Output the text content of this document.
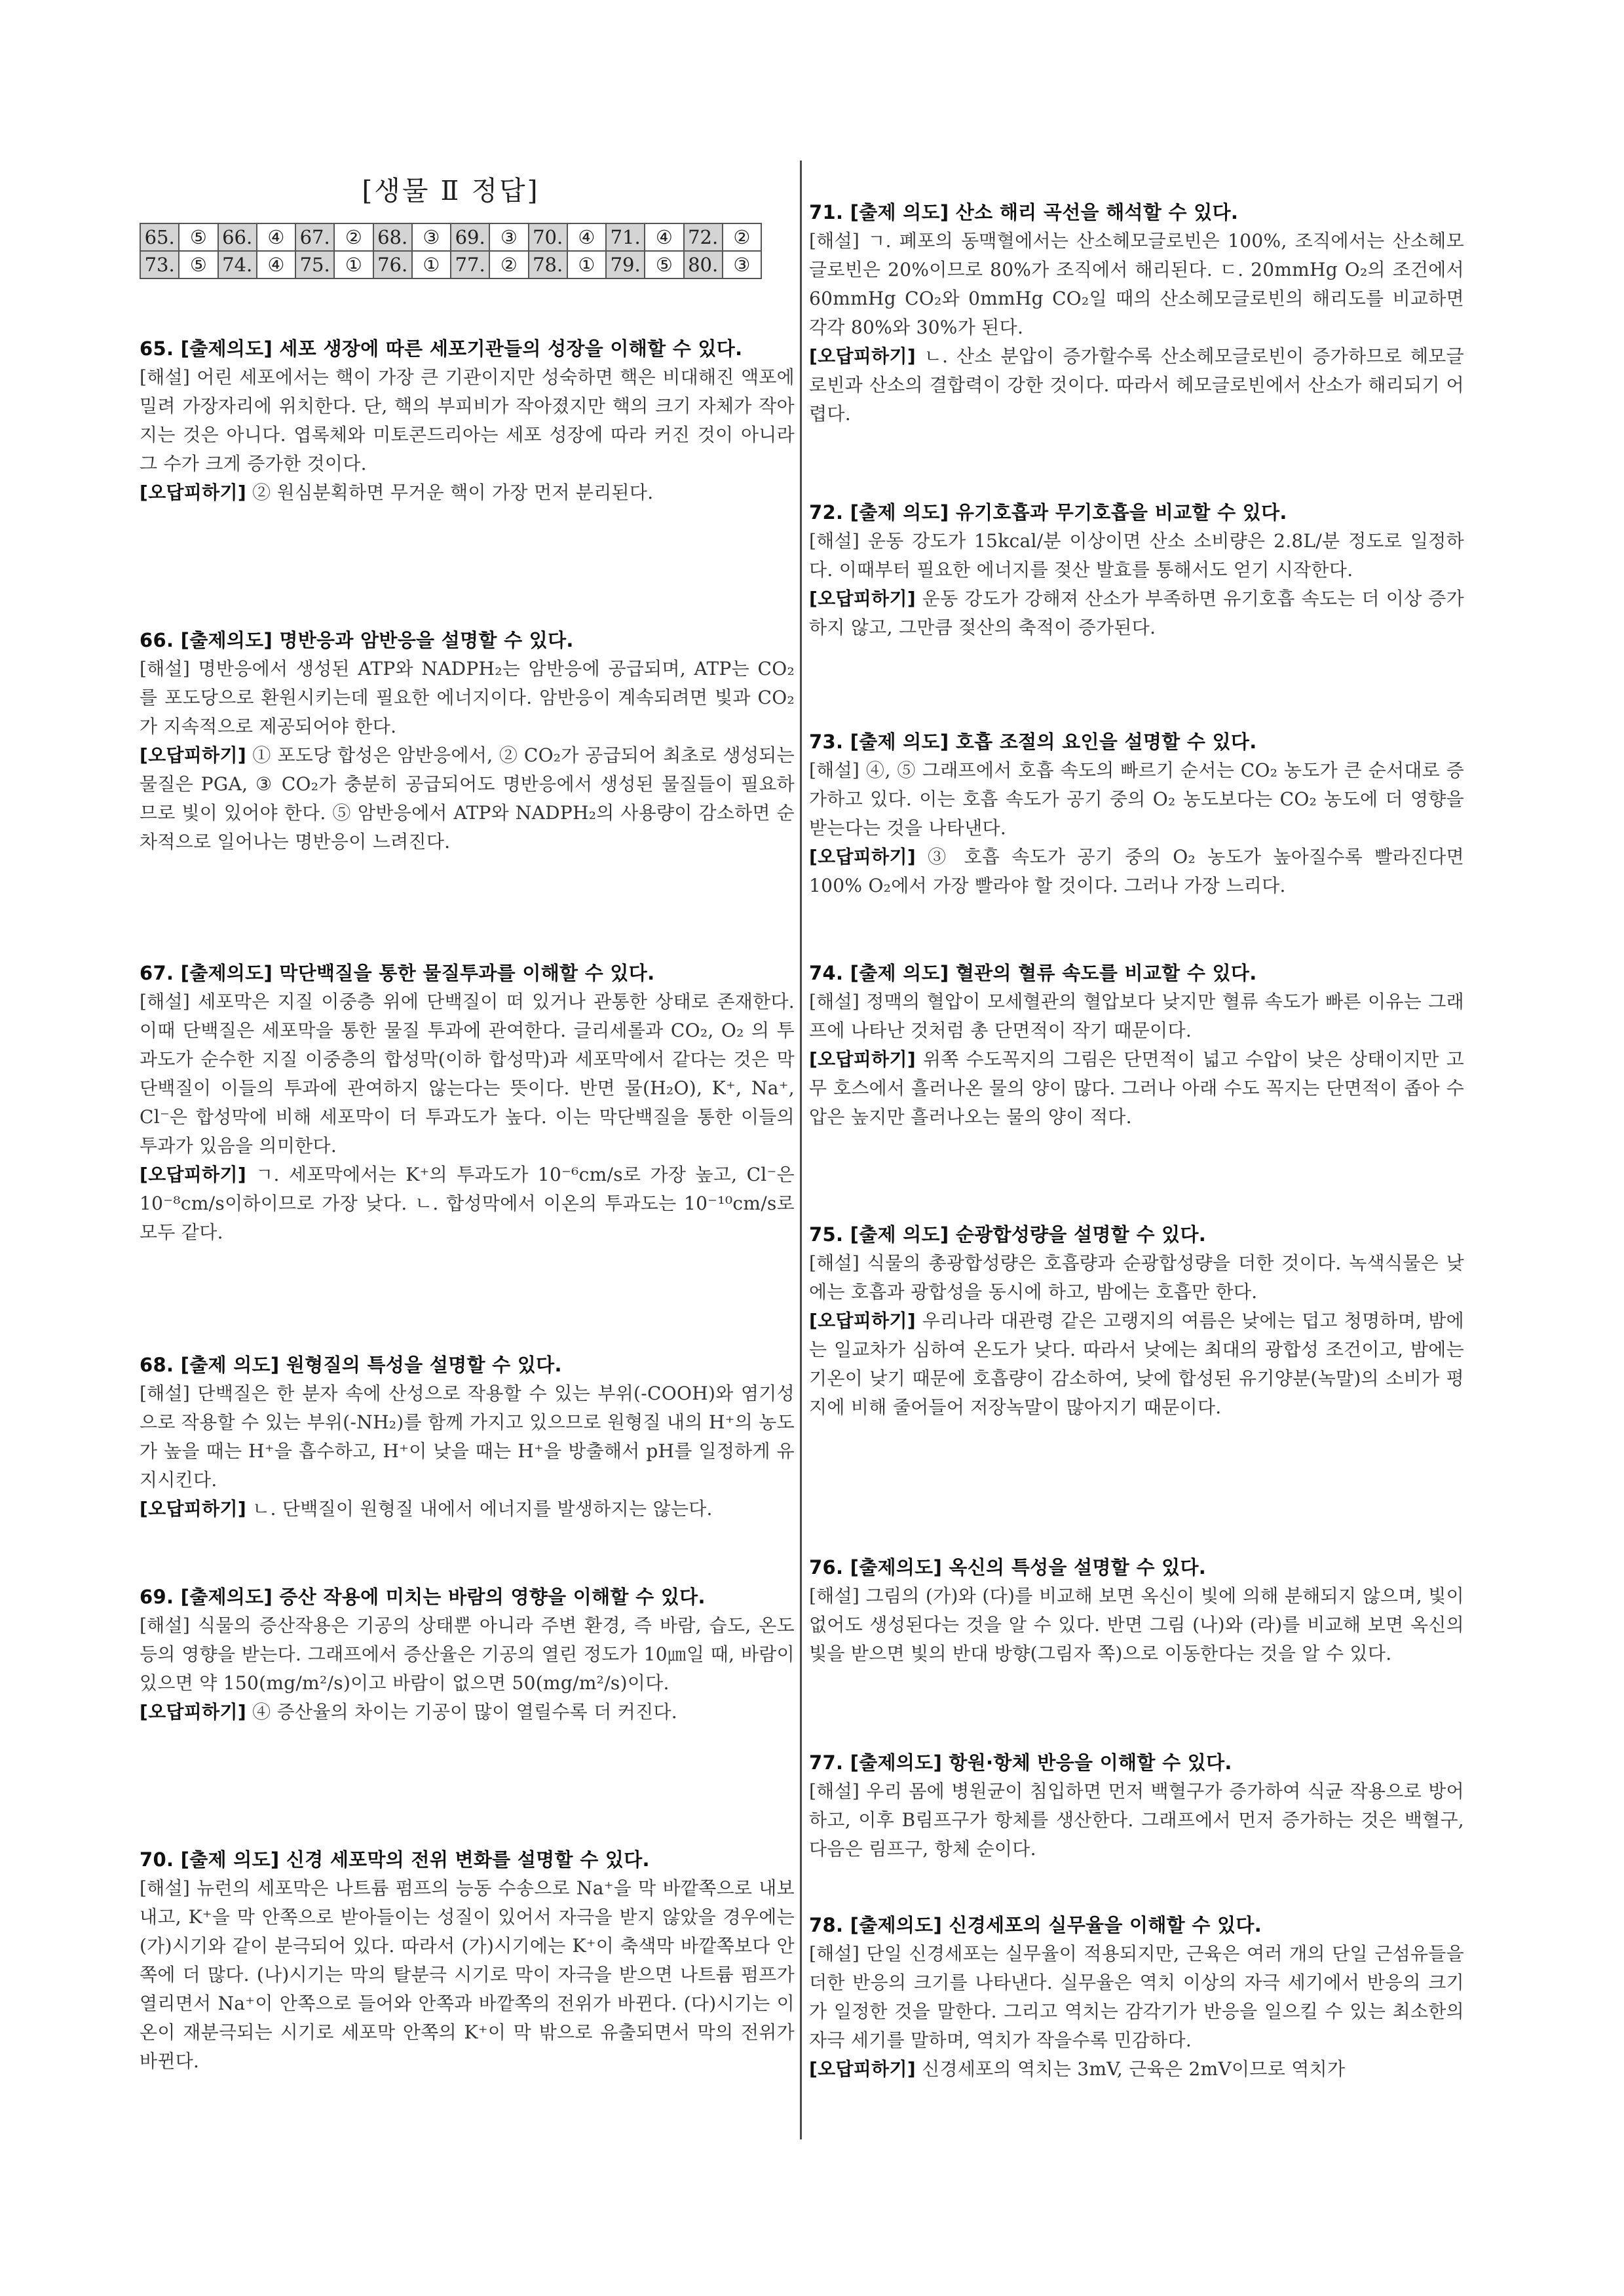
[생물 Ⅱ 정답]
65.	⑤	66.	④	67.	②	68.	③	69.	③	70.	④	71.	④	72.	②
73.	⑤	74.	④	75.	①	76.	①	77.	②	78.	①	79.	⑤	80.	③
65. [출제의도] 세포 생장에 따른 세포기관들의 성장을 이해할 수 있다.

[해설] 어린 세포에서는 핵이 가장 큰 기관이지만 성숙하면 핵은 비대해진 액포에 밀려 가장자리에 위치한다. 단, 핵의 부피비가 작아졌지만 핵의 크기 자체가 작아지는 것은 아니다. 엽록체와 미토콘드리아는 세포 성장에 따라 커진 것이 아니라 그 수가 크게 증가한 것이다.

[오답피하기] ② 원심분획하면 무거운 핵이 가장 먼저 분리된다.

66. [출제의도] 명반응과 암반응을 설명할 수 있다.

[해설] 명반응에서 생성된 ATP와 NADPH₂는 암반응에 공급되며, ATP는 CO₂를 포도당으로 환원시키는데 필요한 에너지이다. 암반응이 계속되려면 빛과 CO₂가 지속적으로 제공되어야 한다.

[오답피하기] ① 포도당 합성은 암반응에서, ② CO₂가 공급되어 최초로 생성되는 물질은 PGA, ③ CO₂가 충분히 공급되어도 명반응에서 생성된 물질들이 필요하므로 빛이 있어야 한다. ⑤ 암반응에서 ATP와 NADPH₂의 사용량이 감소하면 순차적으로 일어나는 명반응이 느려진다.

67. [출제의도] 막단백질을 통한 물질투과를 이해할 수 있다.

[해설] 세포막은 지질 이중층 위에 단백질이 떠 있거나 관통한 상태로 존재한다. 이때 단백질은 세포막을 통한 물질 투과에 관여한다. 글리세롤과 CO₂, O₂ 의 투과도가 순수한 지질 이중층의 합성막(이하 합성막)과 세포막에서 같다는 것은 막단백질이 이들의 투과에 관여하지 않는다는 뜻이다. 반면 물(H₂O), K⁺, Na⁺, Cl⁻은 합성막에 비해 세포막이 더 투과도가 높다. 이는 막단백질을 통한 이들의 투과가 있음을 의미한다.

[오답피하기] ㄱ. 세포막에서는 K⁺의 투과도가 10⁻⁶cm/s로 가장 높고, Cl⁻은 10⁻⁸cm/s이하이므로 가장 낮다. ㄴ. 합성막에서 이온의 투과도는 10⁻¹⁰cm/s로 모두 같다.

68. [출제 의도] 원형질의 특성을 설명할 수 있다.

[해설] 단백질은 한 분자 속에 산성으로 작용할 수 있는 부위(-COOH)와 염기성으로 작용할 수 있는 부위(-NH₂)를 함께 가지고 있으므로 원형질 내의 H⁺의 농도가 높을 때는 H⁺을 흡수하고, H⁺이 낮을 때는 H⁺을 방출해서 pH를 일정하게 유지시킨다.

[오답피하기] ㄴ. 단백질이 원형질 내에서 에너지를 발생하지는 않는다.

69. [출제의도] 증산 작용에 미치는 바람의 영향을 이해할 수 있다.

[해설] 식물의 증산작용은 기공의 상태뿐 아니라 주변 환경, 즉 바람, 습도, 온도 등의 영향을 받는다. 그래프에서 증산율은 기공의 열린 정도가 10㎛일 때, 바람이 있으면 약 150(mg/m²/s)이고 바람이 없으면 50(mg/m²/s)이다.

[오답피하기] ④ 증산율의 차이는 기공이 많이 열릴수록 더 커진다.

70. [출제 의도] 신경 세포막의 전위 변화를 설명할 수 있다.

[해설] 뉴런의 세포막은 나트륨 펌프의 능동 수송으로 Na⁺을 막 바깥쪽으로 내보내고, K⁺을 막 안쪽으로 받아들이는 성질이 있어서 자극을 받지 않았을 경우에는 (가)시기와 같이 분극되어 있다. 따라서 (가)시기에는 K⁺이 축색막 바깥쪽보다 안쪽에 더 많다. (나)시기는 막의 탈분극 시기로 막이 자극을 받으면 나트륨 펌프가 열리면서 Na⁺이 안쪽으로 들어와 안쪽과 바깥쪽의 전위가 바뀐다. (다)시기는 이온이 재분극되는 시기로 세포막 안쪽의 K⁺이 막 밖으로 유출되면서 막의 전위가 바뀐다.

71. [출제 의도] 산소 해리 곡선을 해석할 수 있다.

[해설] ㄱ. 폐포의 동맥혈에서는 산소헤모글로빈은 100%, 조직에서는 산소헤모글로빈은 20%이므로 80%가 조직에서 해리된다. ㄷ. 20mmHg O₂의 조건에서 60mmHg CO₂와 0mmHg CO₂일 때의 산소헤모글로빈의 해리도를 비교하면 각각 80%와 30%가 된다.

[오답피하기] ㄴ. 산소 분압이 증가할수록 산소헤모글로빈이 증가하므로 헤모글로빈과 산소의 결합력이 강한 것이다. 따라서 헤모글로빈에서 산소가 해리되기 어렵다.

72. [출제 의도] 유기호흡과 무기호흡을 비교할 수 있다.

[해설] 운동 강도가 15kcal/분 이상이면 산소 소비량은 2.8L/분 정도로 일정하다. 이때부터 필요한 에너지를 젖산 발효를 통해서도 얻기 시작한다.

[오답피하기] 운동 강도가 강해져 산소가 부족하면 유기호흡 속도는 더 이상 증가하지 않고, 그만큼 젖산의 축적이 증가된다.

73. [출제 의도] 호흡 조절의 요인을 설명할 수 있다.

[해설] ④, ⑤ 그래프에서 호흡 속도의 빠르기 순서는 CO₂ 농도가 큰 순서대로 증가하고 있다. 이는 호흡 속도가 공기 중의 O₂ 농도보다는 CO₂ 농도에 더 영향을 받는다는 것을 나타낸다.

[오답피하기] ③ 호흡 속도가 공기 중의 O₂ 농도가 높아질수록 빨라진다면 100% O₂에서 가장 빨라야 할 것이다. 그러나 가장 느리다.

74. [출제 의도] 혈관의 혈류 속도를 비교할 수 있다.

[해설] 정맥의 혈압이 모세혈관의 혈압보다 낮지만 혈류 속도가 빠른 이유는 그래프에 나타난 것처럼 총 단면적이 작기 때문이다.

[오답피하기] 위쪽 수도꼭지의 그림은 단면적이 넓고 수압이 낮은 상태이지만 고무 호스에서 흘러나온 물의 양이 많다. 그러나 아래 수도 꼭지는 단면적이 좁아 수압은 높지만 흘러나오는 물의 양이 적다.

75. [출제 의도] 순광합성량을 설명할 수 있다.

[해설] 식물의 총광합성량은 호흡량과 순광합성량을 더한 것이다. 녹색식물은 낮에는 호흡과 광합성을 동시에 하고, 밤에는 호흡만 한다.

[오답피하기] 우리나라 대관령 같은 고랭지의 여름은 낮에는 덥고 청명하며, 밤에는 일교차가 심하여 온도가 낮다. 따라서 낮에는 최대의 광합성 조건이고, 밤에는 기온이 낮기 때문에 호흡량이 감소하여, 낮에 합성된 유기양분(녹말)의 소비가 평지에 비해 줄어들어 저장녹말이 많아지기 때문이다.

76. [출제의도] 옥신의 특성을 설명할 수 있다.

[해설] 그림의 (가)와 (다)를 비교해 보면 옥신이 빛에 의해 분해되지 않으며, 빛이 없어도 생성된다는 것을 알 수 있다. 반면 그림 (나)와 (라)를 비교해 보면 옥신의 빛을 받으면 빛의 반대 방향(그림자 쪽)으로 이동한다는 것을 알 수 있다.

77. [출제의도] 항원·항체 반응을 이해할 수 있다.

[해설] 우리 몸에 병원균이 침입하면 먼저 백혈구가 증가하여 식균 작용으로 방어하고, 이후 B림프구가 항체를 생산한다. 그래프에서 먼저 증가하는 것은 백혈구, 다음은 림프구, 항체 순이다.

78. [출제의도] 신경세포의 실무율을 이해할 수 있다.

[해설] 단일 신경세포는 실무율이 적용되지만, 근육은 여러 개의 단일 근섬유들을 더한 반응의 크기를 나타낸다. 실무율은 역치 이상의 자극 세기에서 반응의 크기가 일정한 것을 말한다. 그리고 역치는 감각기가 반응을 일으킬 수 있는 최소한의 자극 세기를 말하며, 역치가 작을수록 민감하다.

[오답피하기] 신경세포의 역치는 3mV, 근육은 2mV이므로 역치가
